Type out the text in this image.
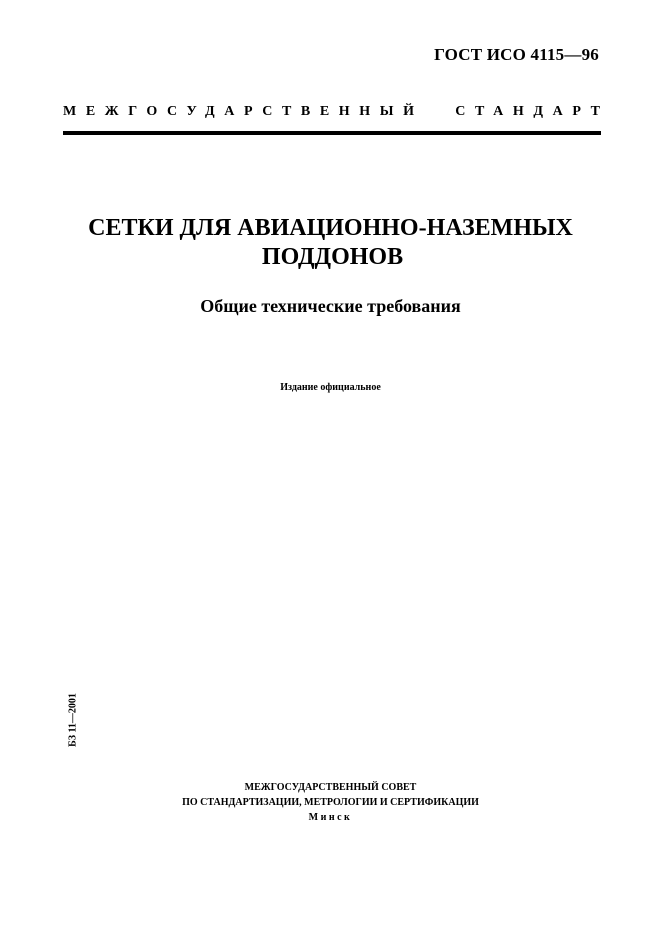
ГОСТ ИСО 4115—96
МЕЖГОСУДАРСТВЕННЫЙ СТАНДАРТ
СЕТКИ ДЛЯ АВИАЦИОННО-НАЗЕМНЫХ
ПОДДОНОВ
Общие технические требования
Издание официальное
БЗ 11—2001
МЕЖГОСУДАРСТВЕННЫЙ СОВЕТ
ПО СТАНДАРТИЗАЦИИ, МЕТРОЛОГИИ И СЕРТИФИКАЦИИ
Минск
